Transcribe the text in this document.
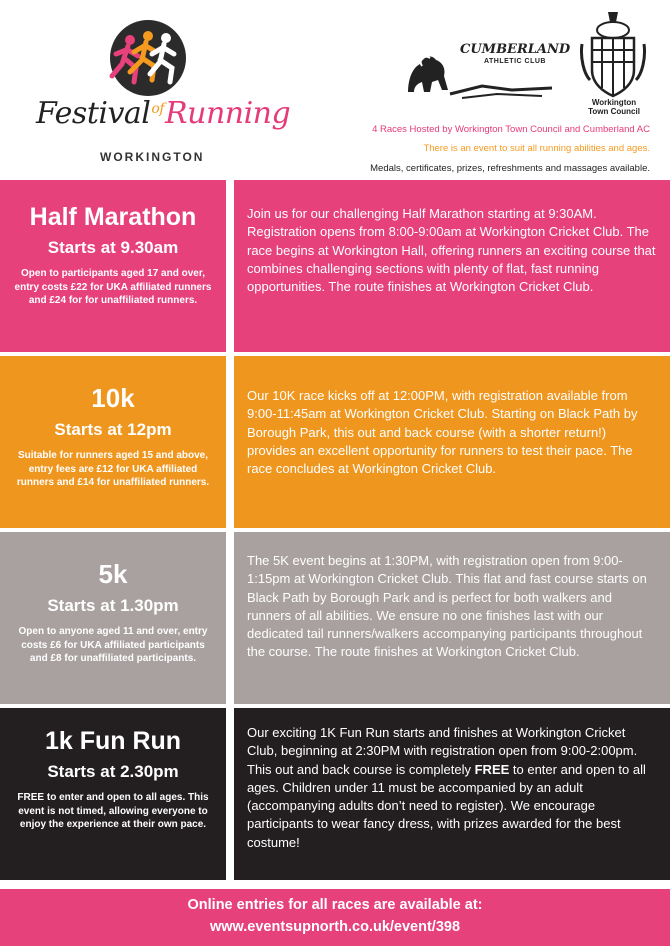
Festival$^{of}$Running
WORKINGTON
CUMBERLAND
ATHLETIC CLUB
Workington
Town Council
4 Races Hosted by Workington Town Council and Cumberland AC
There is an event to suit all running abilities and ages.
Medals, certificates, prizes, refreshments and massages available.
Half Marathon
Starts at 9.30am
Open to participants aged 17 and over, entry costs £22 for UKA affiliated runners and £24 for for unaffiliated runners.
Join us for our challenging Half Marathon starting at 9:30AM. Registration opens from 8:00-9:00am at Workington Cricket Club. The race begins at Workington Hall, offering runners an exciting course that combines challenging sections with plenty of flat, fast running opportunities. The route finishes at Workington Cricket Club.
10k
Starts at 12pm
Suitable for runners aged 15 and above, entry fees are £12 for UKA affiliated runners and £14 for unaffiliated runners.
Our 10K race kicks off at 12:00PM, with registration available from 9:00-11:45am at Workington Cricket Club. Starting on Black Path by Borough Park, this out and back course (with a shorter return!) provides an excellent opportunity for runners to test their pace. The race concludes at Workington Cricket Club.
5k
Starts at 1.30pm
Open to anyone aged 11 and over, entry costs £6 for UKA affiliated participants and £8 for unaffiliated participants.
The 5K event begins at 1:30PM, with registration open from 9:00-1:15pm at Workington Cricket Club. This flat and fast course starts on Black Path by Borough Park and is perfect for both walkers and runners of all abilities. We ensure no one finishes last with our dedicated tail runners/walkers accompanying participants throughout the course. The route finishes at Workington Cricket Club.
1k Fun Run
Starts at 2.30pm
FREE to enter and open to all ages. This event is not timed, allowing everyone to enjoy the experience at their own pace.
Our exciting 1K Fun Run starts and finishes at Workington Cricket Club, beginning at 2:30PM with registration open from 9:00-2:00pm. This out and back course is completely FREE to enter and open to all ages. Children under 11 must be accompanied by an adult (accompanying adults don’t need to register). We encourage participants to wear fancy dress, with prizes awarded for the best costume!
Online entries for all races are available at:
www.eventsupnorth.co.uk/event/398
